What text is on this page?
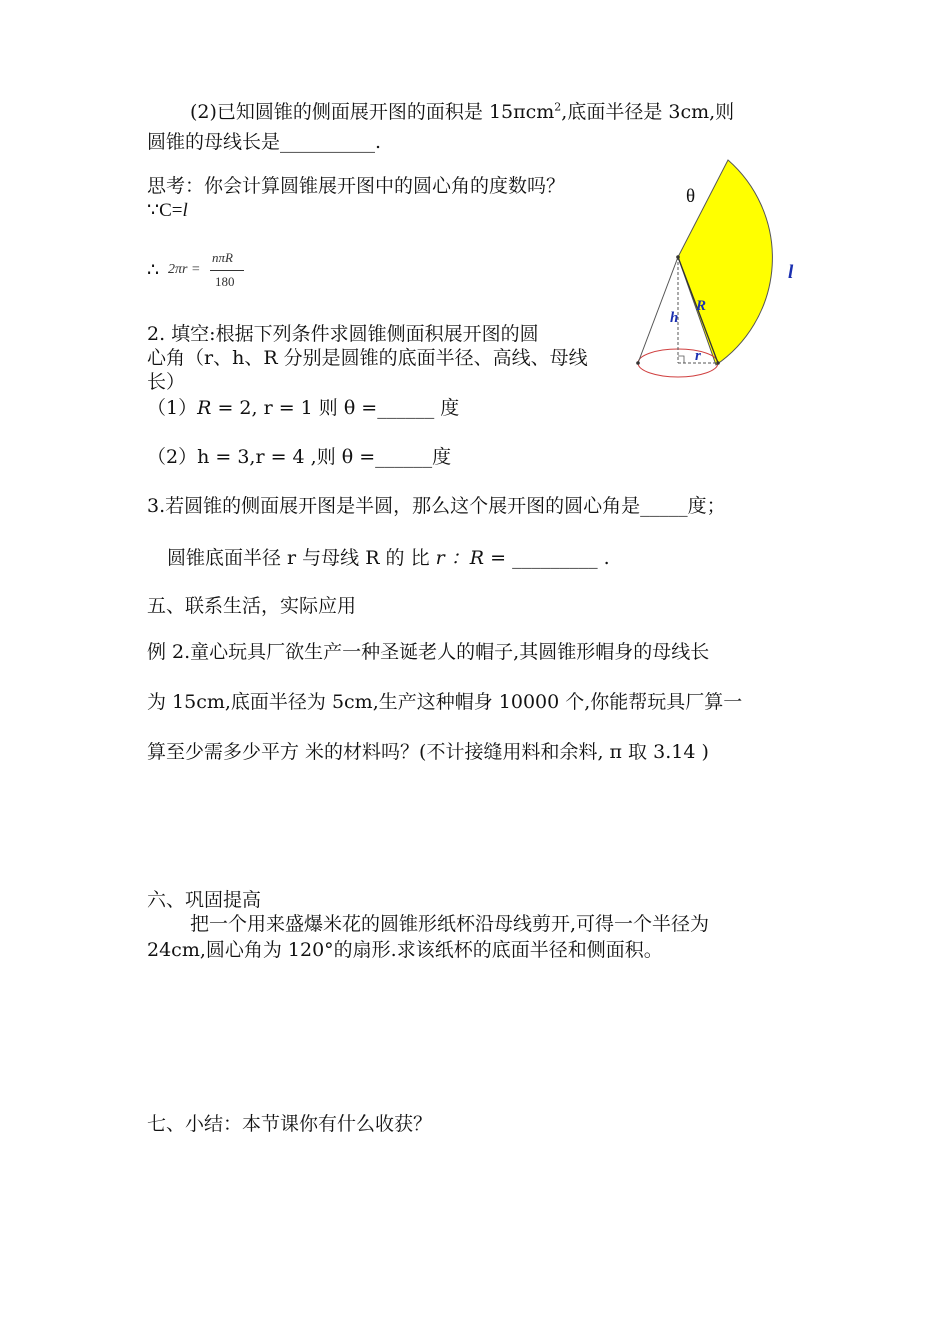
(2)已知圆锥的侧面展开图的面积是 15πcm$^2$,底面半径是 3cm,则
圆锥的母线长是__________.
思考：你会计算圆锥展开图中的圆心角的度数吗？
∵C=l
∴ 2πr =
nπR
180
2. 填空:根据下列条件求圆锥侧面积展开图的圆
心角（r、h、R 分别是圆锥的底面半径、高线、母线
长）
（1）R = 2, r = 1 则 θ =______ 度
（2）h = 3,r = 4 ,则 θ =______度
3.若圆锥的侧面展开图是半圆，那么这个展开图的圆心角是_____度；
圆锥底面半径 r 与母线 R 的 比 r ：R = _________ .
五、联系生活，实际应用
例 2.童心玩具厂欲生产一种圣诞老人的帽子,其圆锥形帽身的母线长
为 15cm,底面半径为 5cm,生产这种帽身 10000 个,你能帮玩具厂算一
算至少需多少平方 米的材料吗？(不计接缝用料和余料, π 取 3.14 )
六、巩固提高
把一个用来盛爆米花的圆锥形纸杯沿母线剪开,可得一个半径为
24cm,圆心角为 120°的扇形.求该纸杯的底面半径和侧面积。
七、小结：本节课你有什么收获？
θ
l
R
h
r
